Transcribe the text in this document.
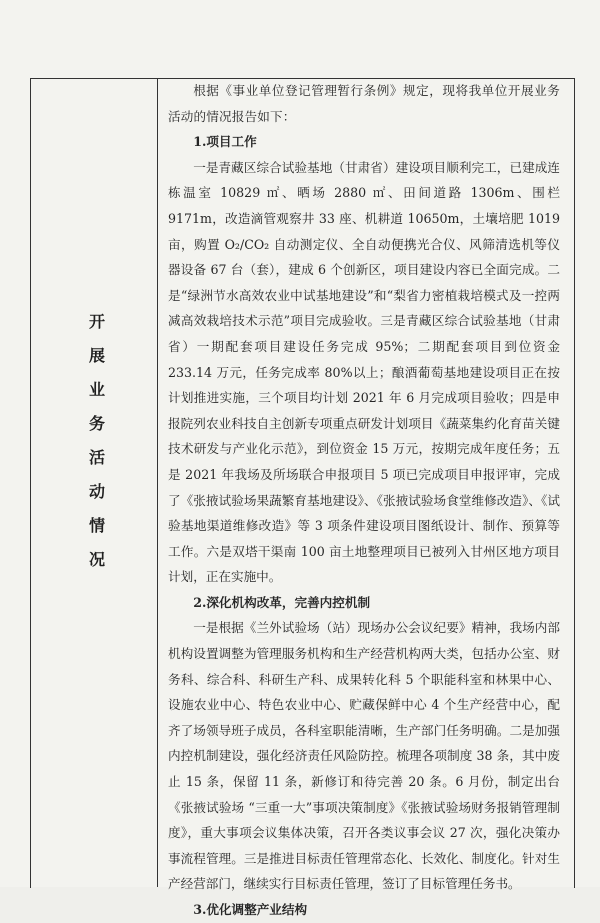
开
展
业
务
活
动
情
况

根据《事业单位登记管理暂行条例》规定，现将我单位开展业务活动的情况报告如下：

1.项目工作

一是青藏区综合试验基地（甘肃省）建设项目顺利完工，已建成连栋温室 10829 ㎡、晒场 2880 ㎡、田间道路 1306m、围栏 9171m，改造滴管观察井 33 座、机耕道 10650m，土壤培肥 1019 亩，购置 O₂/CO₂ 自动测定仪、全自动便携光合仪、风筛清选机等仪器设备 67 台（套），建成 6 个创新区，项目建设内容已全面完成。二是“绿洲节水高效农业中试基地建设”和“梨省力密植栽培模式及一控两减高效栽培技术示范”项目完成验收。三是青藏区综合试验基地（甘肃省）一期配套项目建设任务完成 95%；二期配套项目到位资金 233.14 万元，任务完成率 80%以上；酿酒葡萄基地建设项目正在按计划推进实施，三个项目均计划 2021 年 6 月完成项目验收；四是申报院列农业科技自主创新专项重点研发计划项目《蔬菜集约化育苗关键技术研发与产业化示范》，到位资金 15 万元，按期完成年度任务；五是 2021 年我场及所场联合申报项目 5 项已完成项目申报评审，完成了《张掖试验场果蔬繁育基地建设》、《张掖试验场食堂维修改造》、《试验基地渠道维修改造》等 3 项条件建设项目图纸设计、制作、预算等工作。六是双塔干渠南 100 亩土地整理项目已被列入甘州区地方项目计划，正在实施中。

2.深化机构改革，完善内控机制

一是根据《兰外试验场（站）现场办公会议纪要》精神，我场内部机构设置调整为管理服务机构和生产经营机构两大类，包括办公室、财务科、综合科、科研生产科、成果转化科 5 个职能科室和林果中心、设施农业中心、特色农业中心、贮藏保鲜中心 4 个生产经营中心，配齐了场领导班子成员，各科室职能清晰，生产部门任务明确。二是加强内控机制建设，强化经济责任风险防控。梳理各项制度 38 条，其中废止 15 条，保留 11 条，新修订和待完善 20 条。6 月份，制定出台《张掖试验场 “三重一大”事项决策制度》《张掖试验场财务报销管理制度》，重大事项会议集体决策，召开各类议事会议 27 次，强化决策办事流程管理。三是推进目标责任管理常态化、长效化、制度化。针对生产经营部门，继续实行目标责任管理，签订了目标管理任务书。

3.优化调整产业结构
